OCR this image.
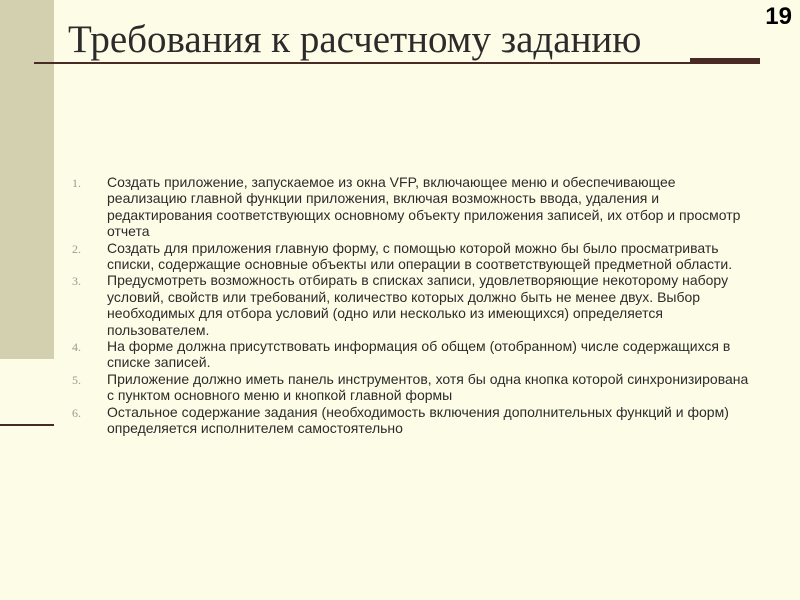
Требования к расчетному заданию
19
1.	Создать приложение, запускаемое из окна VFP, включающее меню и обеспечивающее реализацию главной функции приложения, включая возможность ввода, удаления и редактирования соответствующих основному объекту приложения записей, их отбор и просмотр отчета
2.	Создать для приложения главную форму, с помощью которой можно бы было просматривать списки, содержащие основные объекты или операции в соответствующей предметной области.
3.	Предусмотреть возможность отбирать в списках записи, удовлетворяющие некоторому набору условий, свойств или требований, количество которых должно быть не менее двух. Выбор необходимых для отбора условий (одно или несколько из имеющихся) определяется пользователем.
4.	На форме должна присутствовать информация об общем (отобранном) числе содержащихся в списке записей.
5.	Приложение должно иметь панель инструментов, хотя бы одна кнопка которой синхронизирована с пунктом основного меню и кнопкой главной формы
6.	Остальное содержание задания (необходимость включения дополнительных функций и форм) определяется исполнителем самостоятельно
